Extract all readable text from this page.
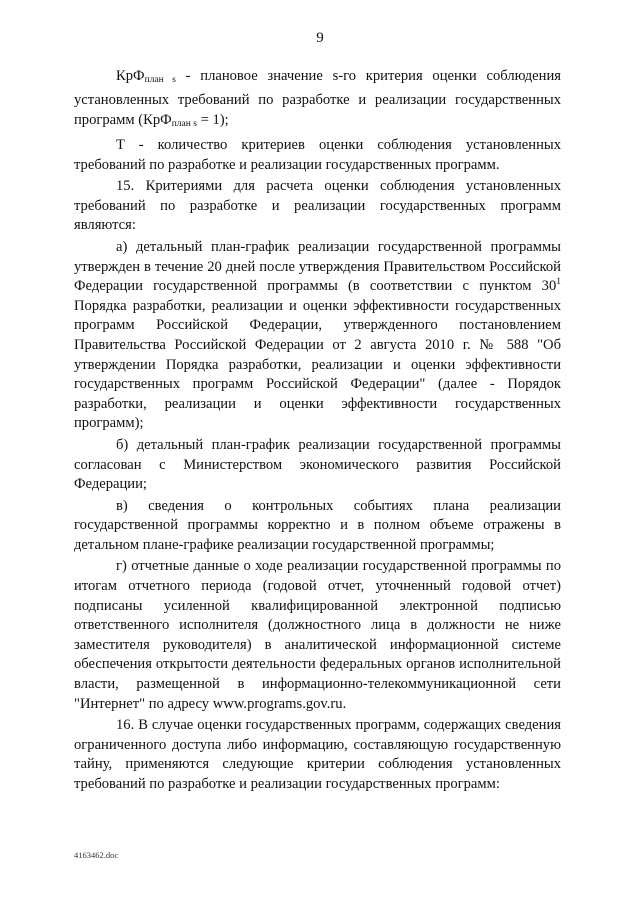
9

КрФ$_{план s}$ - плановое значение s-го критерия оценки соблюдения установленных требований по разработке и реализации государственных программ (КрФ$_{план s}$ = 1);

T - количество критериев оценки соблюдения установленных требований по разработке и реализации государственных программ.

15. Критериями для расчета оценки соблюдения установленных требований по разработке и реализации государственных программ являются:

а) детальный план-график реализации государственной программы утвержден в течение 20 дней после утверждения Правительством Российской Федерации государственной программы (в соответствии с пунктом $30^1$ Порядка разработки, реализации и оценки эффективности государственных программ Российской Федерации, утвержденного постановлением Правительства Российской Федерации от 2 августа 2010 г. № 588 "Об утверждении Порядка разработки, реализации и оценки эффективности государственных программ Российской Федерации" (далее - Порядок разработки, реализации и оценки эффективности государственных программ);

б) детальный план-график реализации государственной программы согласован с Министерством экономического развития Российской Федерации;

в) сведения о контрольных событиях плана реализации государственной программы корректно и в полном объеме отражены в детальном плане-графике реализации государственной программы;

г) отчетные данные о ходе реализации государственной программы по итогам отчетного периода (годовой отчет, уточненный годовой отчет) подписаны усиленной квалифицированной электронной подписью ответственного исполнителя (должностного лица в должности не ниже заместителя руководителя) в аналитической информационной системе обеспечения открытости деятельности федеральных органов исполнительной власти, размещенной в информационно-телекоммуникационной сети "Интернет" по адресу www.programs.gov.ru.

16. В случае оценки государственных программ, содержащих сведения ограниченного доступа либо информацию, составляющую государственную тайну, применяются следующие критерии соблюдения установленных требований по разработке и реализации государственных программ:

4163462.doc
